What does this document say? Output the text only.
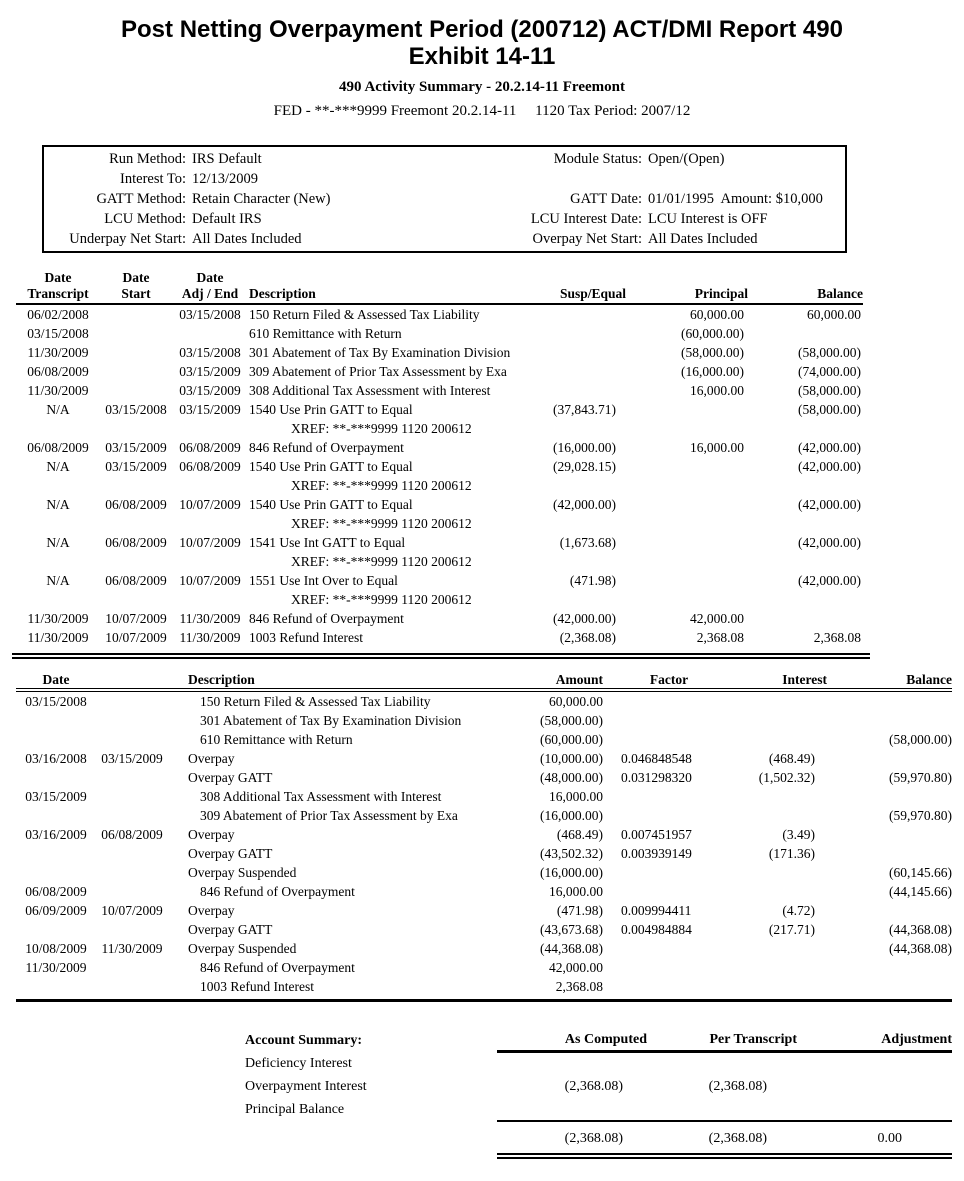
Post Netting Overpayment Period (200712) ACT/DMI Report 490
Exhibit 14-11
490 Activity Summary - 20.2.14-11 Freemont
FED - **-***9999 Freemont 20.2.14-11     1120 Tax Period: 2007/12
Run Method: IRS Default	Module Status: Open/(Open)
Interest To: 12/13/2009
GATT Method: Retain Character (New)	GATT Date: 01/01/1995  Amount: $10,000
LCU Method: Default IRS	LCU Interest Date: LCU Interest is OFF
Underpay Net Start: All Dates Included	Overpay Net Start: All Dates Included
Date	Date	Date				
Transcript	Start	Adj / End	Description	Susp/Equal	Principal	Balance
06/02/2008		03/15/2008	150 Return Filed & Assessed Tax Liability		60,000.00	60,000.00
03/15/2008			610 Remittance with Return		(60,000.00)	
11/30/2009		03/15/2008	301 Abatement of Tax By Examination Division		(58,000.00)	(58,000.00)
06/08/2009		03/15/2009	309 Abatement of Prior Tax Assessment by Exa		(16,000.00)	(74,000.00)
11/30/2009		03/15/2009	308 Additional Tax Assessment with Interest		16,000.00	(58,000.00)
N/A	03/15/2008	03/15/2009	1540 Use Prin GATT to Equal	(37,843.71)		(58,000.00)
			XREF: **-***9999 1120 200612			
06/08/2009	03/15/2009	06/08/2009	846 Refund of Overpayment	(16,000.00)	16,000.00	(42,000.00)
N/A	03/15/2009	06/08/2009	1540 Use Prin GATT to Equal	(29,028.15)		(42,000.00)
			XREF: **-***9999 1120 200612			
N/A	06/08/2009	10/07/2009	1540 Use Prin GATT to Equal	(42,000.00)		(42,000.00)
			XREF: **-***9999 1120 200612			
N/A	06/08/2009	10/07/2009	1541 Use Int GATT to Equal	(1,673.68)		(42,000.00)
			XREF: **-***9999 1120 200612			
N/A	06/08/2009	10/07/2009	1551 Use Int Over to Equal	(471.98)		(42,000.00)
			XREF: **-***9999 1120 200612			
11/30/2009	10/07/2009	11/30/2009	846 Refund of Overpayment	(42,000.00)	42,000.00	
11/30/2009	10/07/2009	11/30/2009	1003 Refund Interest	(2,368.08)	2,368.08	2,368.08
Date		Description	Amount	Factor	Interest	Balance
03/15/2008		150 Return Filed & Assessed Tax Liability	60,000.00			
		301 Abatement of Tax By Examination Division	(58,000.00)			
		610 Remittance with Return	(60,000.00)			(58,000.00)
03/16/2008	03/15/2009	Overpay	(10,000.00)	0.046848548	(468.49)	
		Overpay GATT	(48,000.00)	0.031298320	(1,502.32)	(59,970.80)
03/15/2009		308 Additional Tax Assessment with Interest	16,000.00			
		309 Abatement of Prior Tax Assessment by Exa	(16,000.00)			(59,970.80)
03/16/2009	06/08/2009	Overpay	(468.49)	0.007451957	(3.49)	
		Overpay GATT	(43,502.32)	0.003939149	(171.36)	
		Overpay Suspended	(16,000.00)			(60,145.66)
06/08/2009		846 Refund of Overpayment	16,000.00			(44,145.66)
06/09/2009	10/07/2009	Overpay	(471.98)	0.009994411	(4.72)	
		Overpay GATT	(43,673.68)	0.004984884	(217.71)	(44,368.08)
10/08/2009	11/30/2009	Overpay Suspended	(44,368.08)			(44,368.08)
11/30/2009		846 Refund of Overpayment	42,000.00			
		1003 Refund Interest	2,368.08			
Account Summary:	As Computed	Per Transcript	Adjustment
Deficiency Interest			
Overpayment Interest	(2,368.08)	(2,368.08)	
Principal Balance			

	(2,368.08)	(2,368.08)	0.00
